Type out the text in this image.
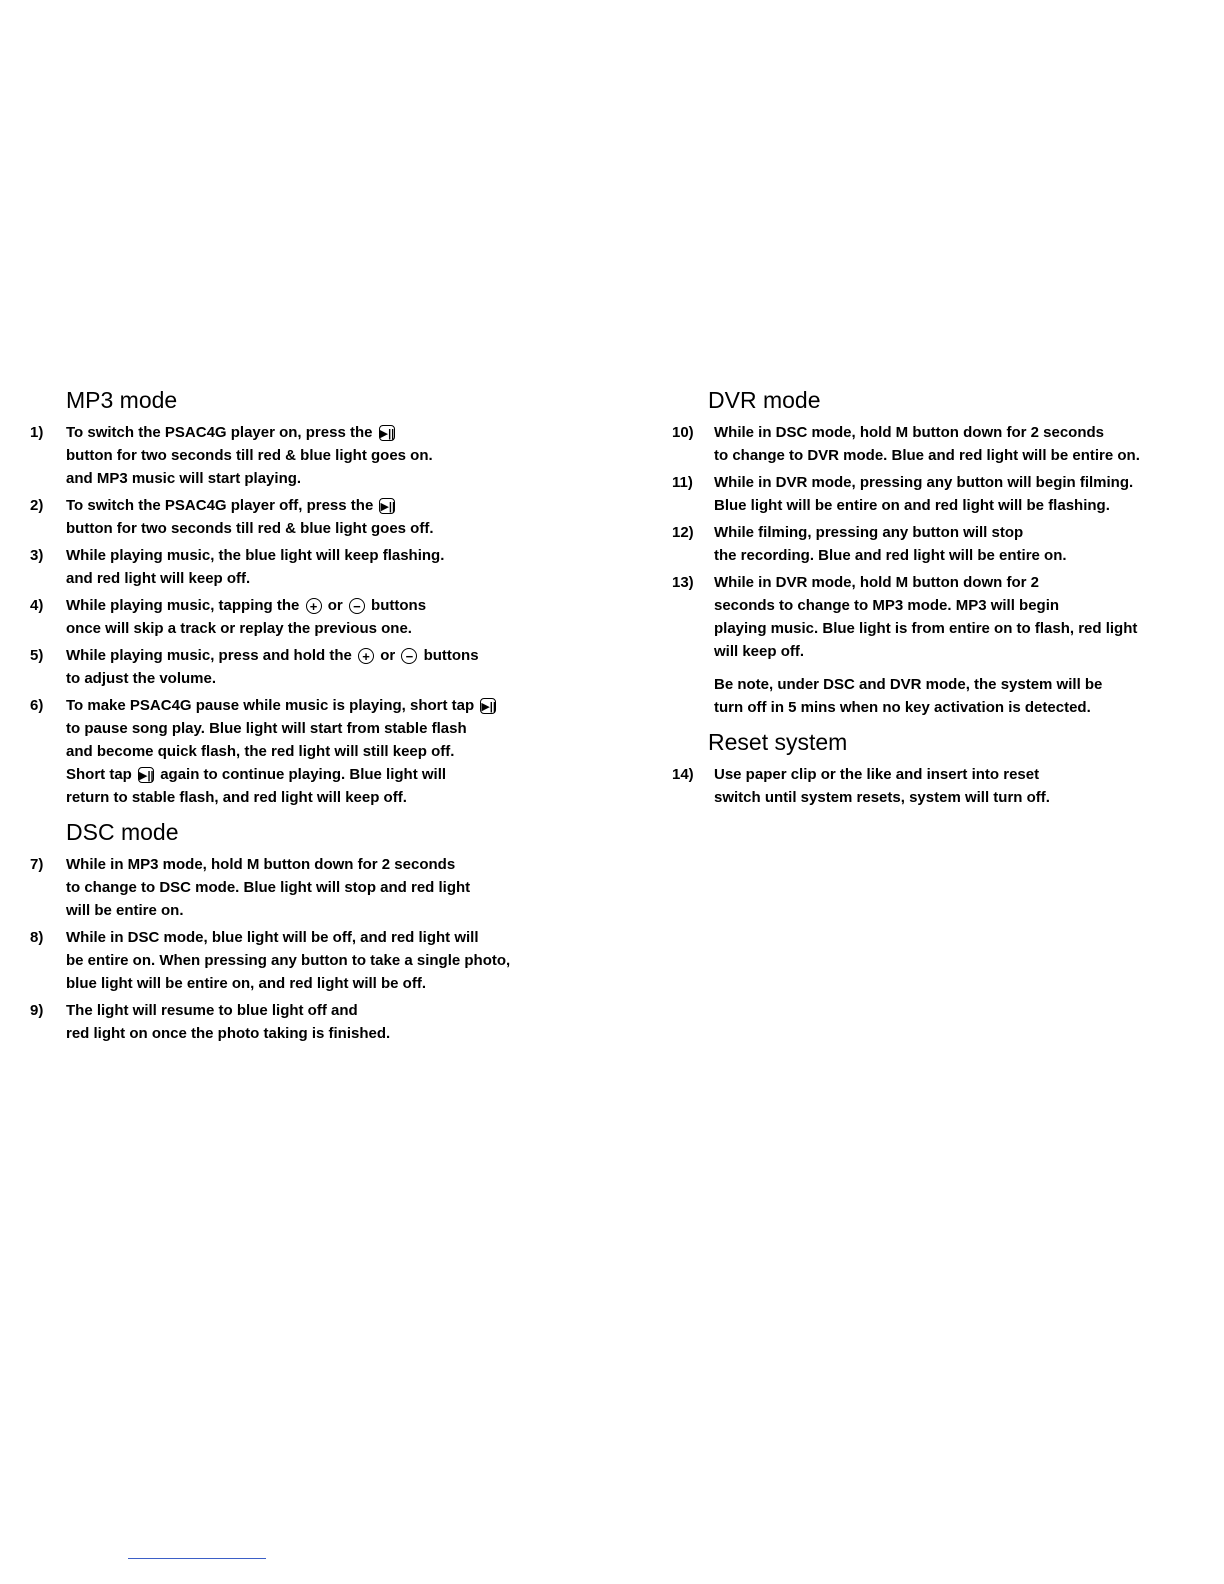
MP3 mode
1)	To switch the PSAC4G player on, press the ▶||
button for two seconds till red & blue light goes on.
and MP3 music will start playing.
2)	To switch the PSAC4G player off, press the ▶||
button for two seconds till red & blue light goes off.
3)	While playing music, the blue light will keep flashing.
and red light will keep off.
4)	While playing music, tapping the + or − buttons
once will skip a track or replay the previous one.
5)	While playing music, press and hold the + or − buttons
to adjust the volume.
6)	To make PSAC4G pause while music is playing, short tap ▶||
to pause song play. Blue light will start from stable flash
and become quick flash, the red light will still keep off.
Short tap ▶|| again to continue playing. Blue light will
return to stable flash, and red light will keep off.
DSC mode
7)	While in MP3 mode, hold M button down for 2 seconds
to change to DSC mode. Blue light will stop and red light
will be entire on.
8)	While in DSC mode, blue light will be off, and red light will
be entire on. When pressing any button to take a single photo,
blue light will be entire on, and red light will be off.
9)	The light will resume to blue light off and
red light on once the photo taking is finished.
DVR mode
10)	While in DSC mode, hold M button down for 2 seconds
to change to DVR mode. Blue and red light will be entire on.
11)	While in DVR mode, pressing any button will begin filming.
Blue light will be entire on and red light will be flashing.
12)	While filming, pressing any button will stop
the recording. Blue and red light will be entire on.
13)	While in DVR mode, hold M button down for 2
seconds to change to MP3 mode. MP3 will begin
playing music. Blue light is from entire on to flash, red light
will keep off.
Be note, under DSC and DVR mode, the system will be
turn off in 5 mins when no key activation is detected.
Reset system
14)	Use paper clip or the like and insert into reset
switch until system resets, system will turn off.
